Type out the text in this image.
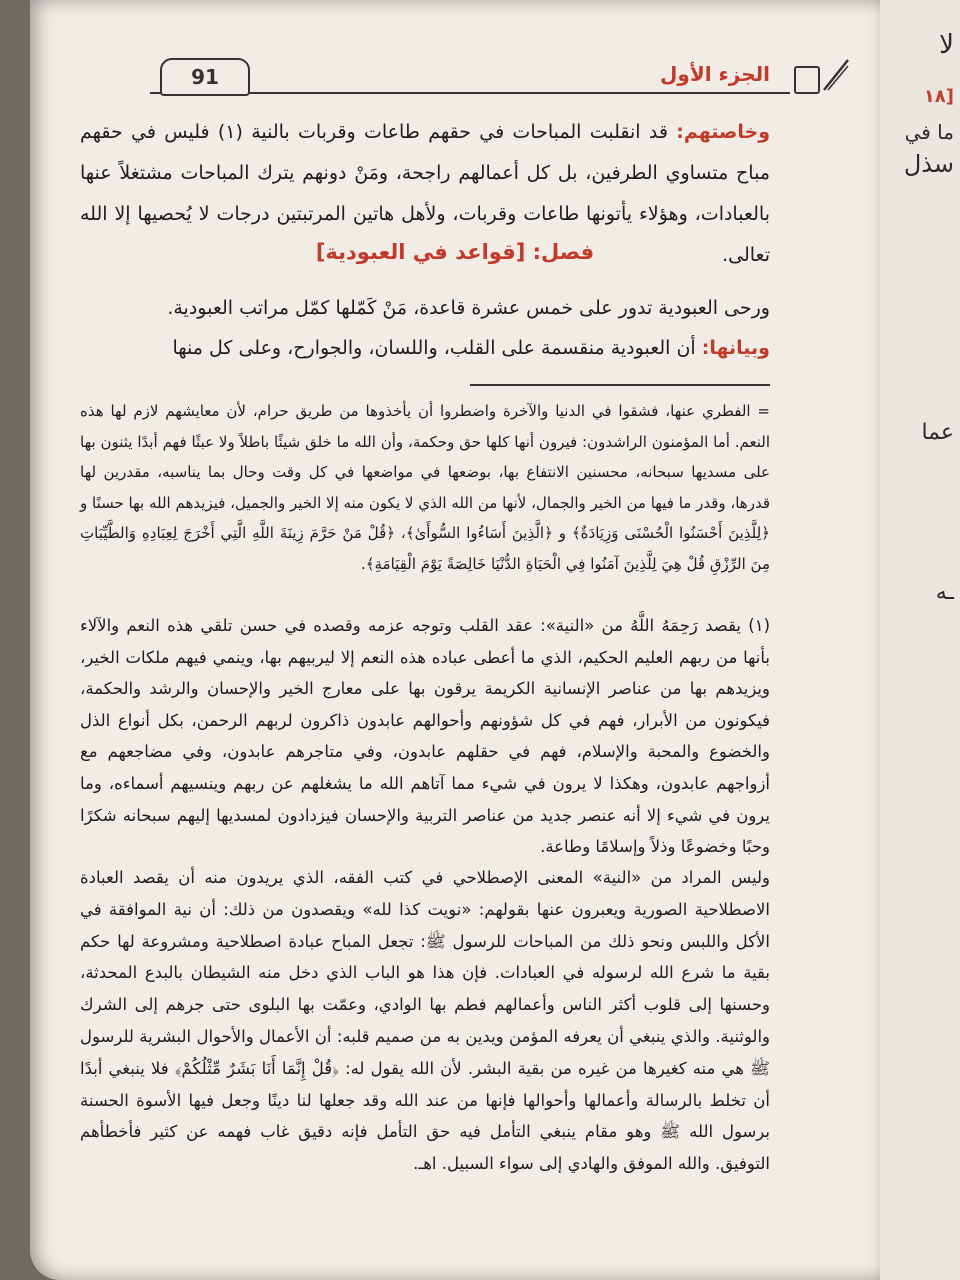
91	الجزء الأول

وخاصتهم: قد انقلبت المباحات في حقهم طاعات وقربات بالنية (١) فليس في حقهم مباح متساوي الطرفين، بل كل أعمالهم راجحة، ومَنْ دونهم يترك المباحات مشتغلاً عنها بالعبادات، وهؤلاء يأتونها طاعات وقربات، ولأهل هاتين المرتبتين درجات لا يُحصيها إلا الله تعالى.

فصل: [قواعد في العبودية]

ورحى العبودية تدور على خمس عشرة قاعدة، مَنْ كَمّلها كمّل مراتب العبودية.

وبيانها: أن العبودية منقسمة على القلب، واللسان، والجوارح، وعلى كل منها

= الفطري عنها، فشقوا في الدنيا والآخرة واضطروا أن يأخذوها من طريق حرام، لأن معايشهم لازم لها هذه النعم. أما المؤمنون الراشدون: فيرون أنها كلها حق وحكمة، وأن الله ما خلق شيئًا باطلاً ولا عبثًا فهم أبدًا يثنون بها على مسديها سبحانه، محسنين الانتفاع بها، بوضعها في مواضعها في كل وقت وحال بما يناسبه، مقدرين لها قدرها، وقدر ما فيها من الخير والجمال، لأنها من الله الذي لا يكون منه إلا الخير والجميل، فيزيدهم الله بها حسنًا و ﴿لِلَّذِينَ أَحْسَنُوا الْحُسْنَى وَزِيَادَةٌ﴾ و ﴿الَّذِينَ أَسَاءُوا السُّوأَىٰ﴾، ﴿قُلْ مَنْ حَرَّمَ زِينَةَ اللَّهِ الَّتِي أَخْرَجَ لِعِبَادِهِ وَالطَّيِّبَاتِ مِنَ الرِّزْقِ قُلْ هِيَ لِلَّذِينَ آمَنُوا فِي الْحَيَاةِ الدُّنْيَا خَالِصَةً يَوْمَ الْقِيَامَةِ﴾.

(١) يقصد رَحِمَهُ اللَّهُ من «النية»: عقد القلب وتوجه عزمه وقصده في حسن تلقي هذه النعم والآلاء بأنها من ربهم العليم الحكيم، الذي ما أعطى عباده هذه النعم إلا ليربيهم بها، وينمي فيهم ملكات الخير، ويزيدهم بها من عناصر الإنسانية الكريمة يرقون بها على معارج الخير والإحسان والرشد والحكمة، فيكونون من الأبرار، فهم في كل شؤونهم وأحوالهم عابدون ذاكرون لربهم الرحمن، بكل أنواع الذل والخضوع والمحبة والإسلام، فهم في حقلهم عابدون، وفي متاجرهم عابدون، وفي مضاجعهم مع أزواجهم عابدون، وهكذا لا يرون في شيء مما آتاهم الله ما يشغلهم عن ربهم وينسيهم أسماءه، وما يرون في شيء إلا أنه عنصر جديد من عناصر التربية والإحسان فيزدادون لمسديها إليهم سبحانه شكرًا وحبًا وخضوعًا وذلاً وإسلامًا وطاعة.

وليس المراد من «النية» المعنى الإصطلاحي في كتب الفقه، الذي يريدون منه أن يقصد العبادة الاصطلاحية الصورية ويعبرون عنها بقولهم: «نويت كذا لله» ويقصدون من ذلك: أن نية الموافقة في الأكل واللبس ونحو ذلك من المباحات للرسول ﷺ: تجعل المباح عبادة اصطلاحية ومشروعة لها حكم بقية ما شرع الله لرسوله في العبادات. فإن هذا هو الباب الذي دخل منه الشيطان بالبدع المحدثة، وحسنها إلى قلوب أكثر الناس وأعمالهم فطم بها الوادي، وعمّت بها البلوى حتى جرهم إلى الشرك والوثنية. والذي ينبغي أن يعرفه المؤمن ويدين به من صميم قلبه: أن الأعمال والأحوال البشرية للرسول ﷺ هي منه كغيرها من غيره من بقية البشر. لأن الله يقول له: ﴿قُلْ إِنَّمَا أَنَا بَشَرٌ مِّثْلُكُمْ﴾ فلا ينبغي أبدًا أن تخلط بالرسالة وأعمالها وأحوالها فإنها من عند الله وقد جعلها لنا دينًا وجعل فيها الأسوة الحسنة برسول الله ﷺ وهو مقام ينبغي التأمل فيه حق التأمل فإنه دقيق غاب فهمه عن كثير فأخطأهم التوفيق. والله الموفق والهادي إلى سواء السبيل. اهـ.

لا
[١٨
ما في
سذل
عما
ـه
